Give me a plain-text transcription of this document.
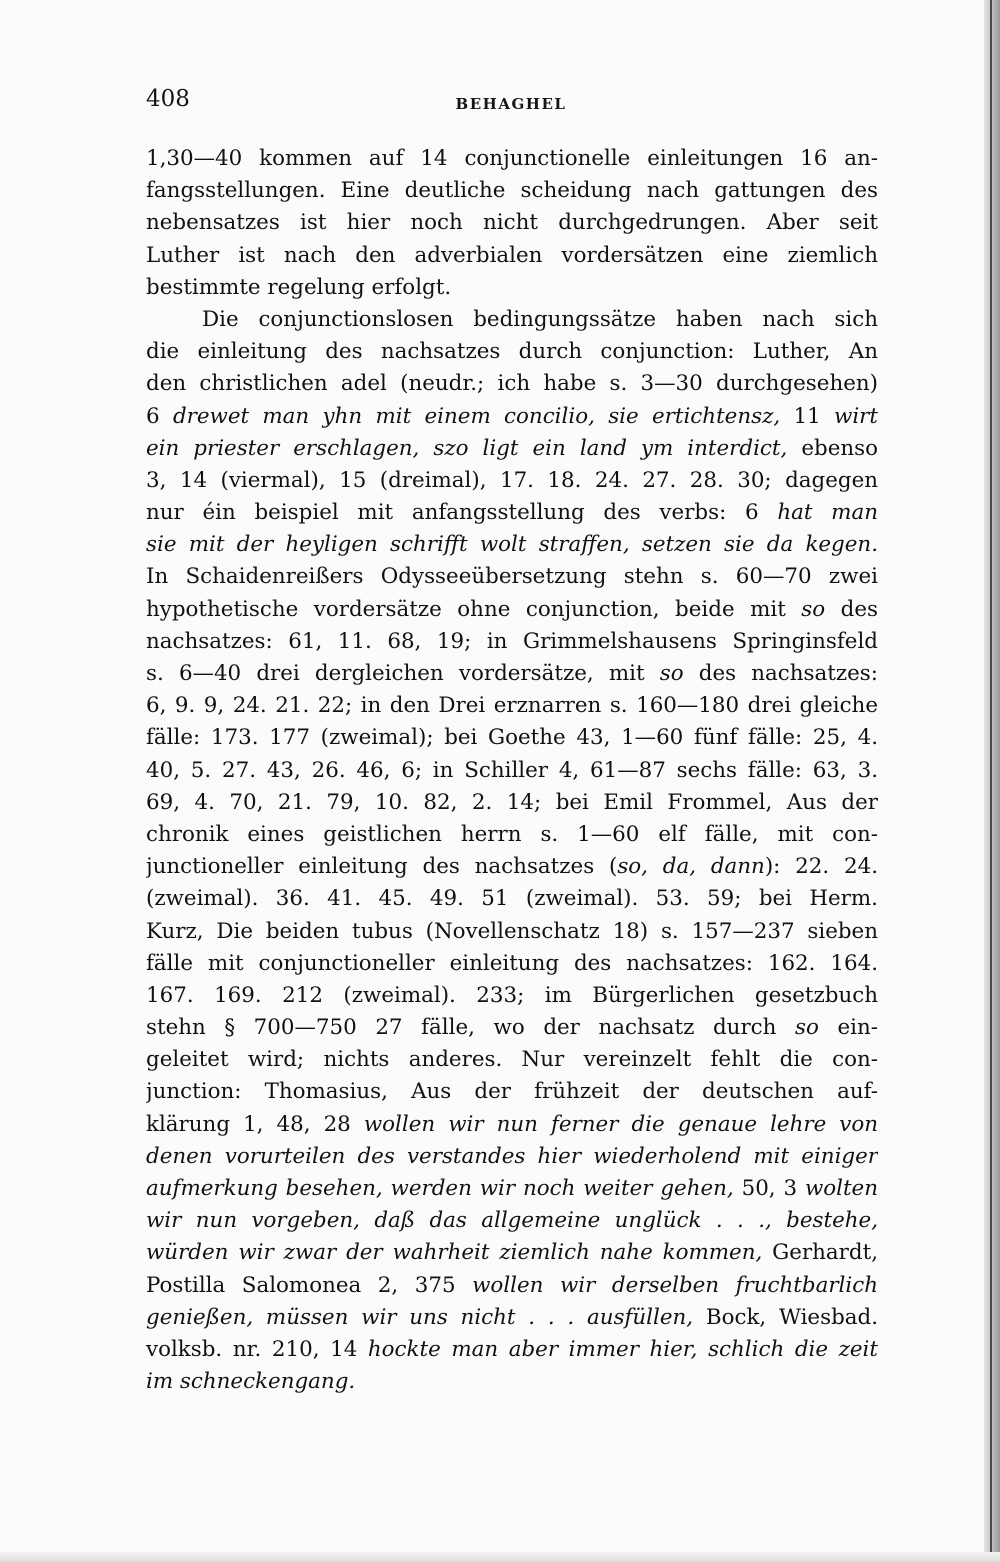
408	BEHAGHEL
1,30—40 kommen auf 14 conjunctionelle einleitungen 16 an-
fangsstellungen. Eine deutliche scheidung nach gattungen des
nebensatzes ist hier noch nicht durchgedrungen. Aber seit
Luther ist nach den adverbialen vordersätzen eine ziemlich
bestimmte regelung erfolgt.
Die conjunctionslosen bedingungssätze haben nach sich
die einleitung des nachsatzes durch conjunction: Luther, An
den christlichen adel (neudr.; ich habe s. 3—30 durchgesehen)
6 drewet man yhn mit einem concilio, sie ertichtensz, 11 wirt
ein priester erschlagen, szo ligt ein land ym interdict, ebenso
3, 14 (viermal), 15 (dreimal), 17. 18. 24. 27. 28. 30; dagegen
nur éin beispiel mit anfangsstellung des verbs: 6 hat man
sie mit der heyligen schrifft wolt straffen, setzen sie da kegen.
In Schaidenreißers Odysseeübersetzung stehn s. 60—70 zwei
hypothetische vordersätze ohne conjunction, beide mit so des
nachsatzes: 61, 11. 68, 19; in Grimmelshausens Springinsfeld
s. 6—40 drei dergleichen vordersätze, mit so des nachsatzes:
6, 9. 9, 24. 21. 22; in den Drei erznarren s. 160—180 drei gleiche
fälle: 173. 177 (zweimal); bei Goethe 43, 1—60 fünf fälle: 25, 4.
40, 5. 27. 43, 26. 46, 6; in Schiller 4, 61—87 sechs fälle: 63, 3.
69, 4. 70, 21. 79, 10. 82, 2. 14; bei Emil Frommel, Aus der
chronik eines geistlichen herrn s. 1—60 elf fälle, mit con-
junctioneller einleitung des nachsatzes (so, da, dann): 22. 24.
(zweimal). 36. 41. 45. 49. 51 (zweimal). 53. 59; bei Herm.
Kurz, Die beiden tubus (Novellenschatz 18) s. 157—237 sieben
fälle mit conjunctioneller einleitung des nachsatzes: 162. 164.
167. 169. 212 (zweimal). 233; im Bürgerlichen gesetzbuch
stehn § 700—750 27 fälle, wo der nachsatz durch so ein-
geleitet wird; nichts anderes. Nur vereinzelt fehlt die con-
junction: Thomasius, Aus der frühzeit der deutschen auf-
klärung 1, 48, 28 wollen wir nun ferner die genaue lehre von
denen vorurteilen des verstandes hier wiederholend mit einiger
aufmerkung besehen, werden wir noch weiter gehen, 50, 3 wolten
wir nun vorgeben, daß das allgemeine unglück . . ., bestehe,
würden wir zwar der wahrheit ziemlich nahe kommen, Gerhardt,
Postilla Salomonea 2, 375 wollen wir derselben fruchtbarlich
genießen, müssen wir uns nicht . . . ausfüllen, Bock, Wiesbad.
volksb. nr. 210, 14 hockte man aber immer hier, schlich die zeit
im schneckengang.
